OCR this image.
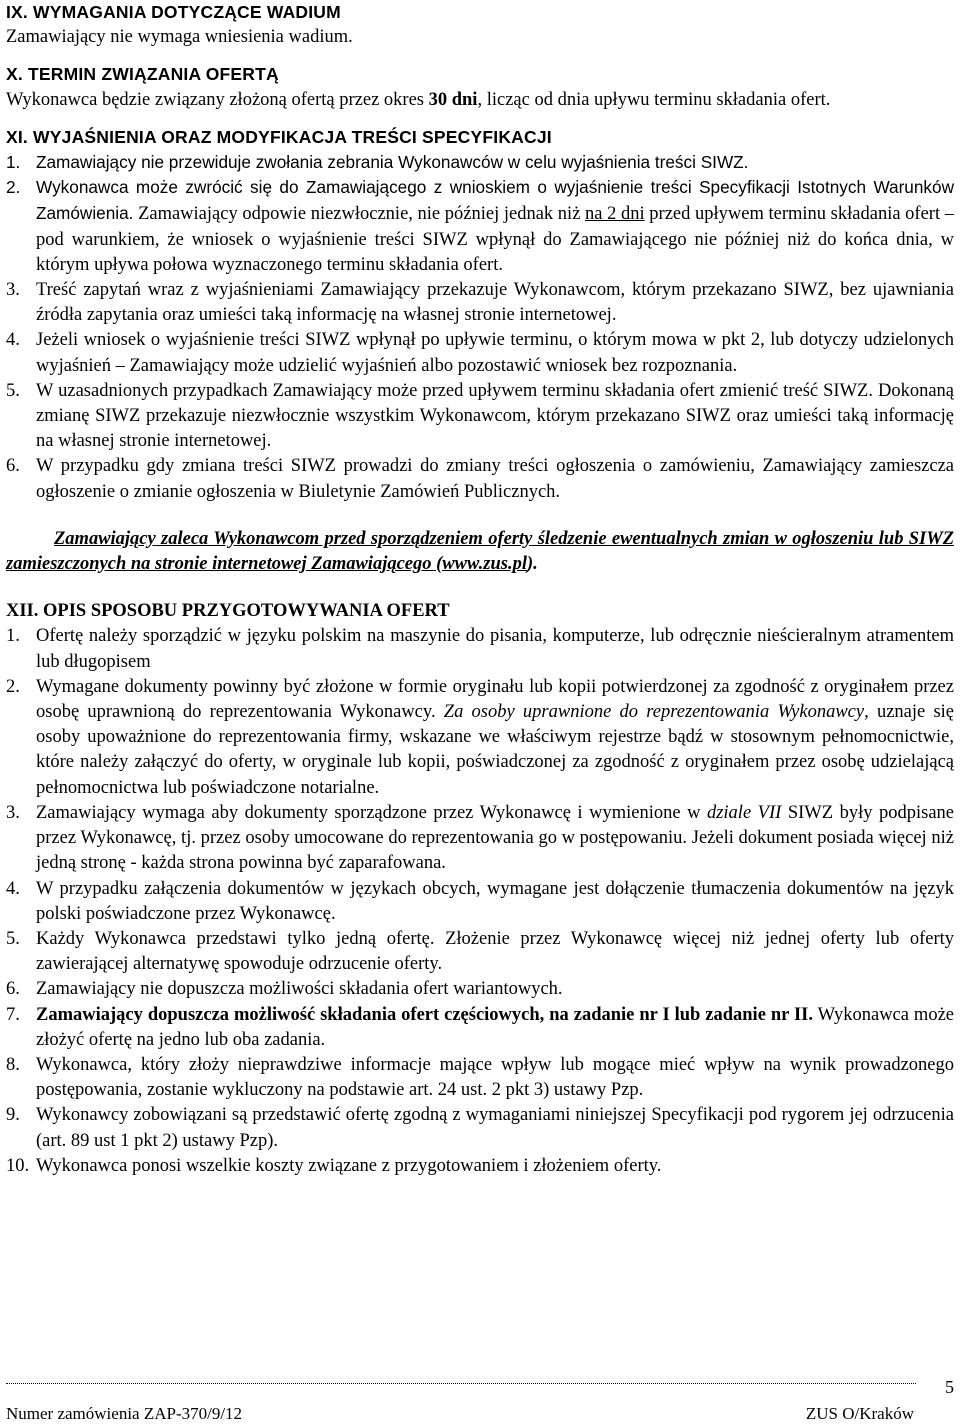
IX. WYMAGANIA DOTYCZĄCE WADIUM
Zamawiający nie wymaga wniesienia wadium.
X. TERMIN ZWIĄZANIA OFERTĄ
Wykonawca będzie związany złożoną ofertą przez okres 30 dni, licząc od dnia upływu terminu składania ofert.
XI. WYJAŚNIENIA ORAZ MODYFIKACJA TREŚCI SPECYFIKACJI
1. Zamawiający nie przewiduje zwołania zebrania Wykonawców w celu wyjaśnienia treści SIWZ.
2. Wykonawca może zwrócić się do Zamawiającego z wnioskiem o wyjaśnienie treści Specyfikacji Istotnych Warunków Zamówienia. Zamawiający odpowie niezwłocznie, nie później jednak niż na 2 dni przed upływem terminu składania ofert – pod warunkiem, że wniosek o wyjaśnienie treści SIWZ wpłynął do Zamawiającego nie później niż do końca dnia, w którym upływa połowa wyznaczonego terminu składania ofert.
3. Treść zapytań wraz z wyjaśnieniami Zamawiający przekazuje Wykonawcom, którym przekazano SIWZ, bez ujawniania źródła zapytania oraz umieści taką informację na własnej stronie internetowej.
4. Jeżeli wniosek o wyjaśnienie treści SIWZ wpłynął po upływie terminu, o którym mowa w pkt 2, lub dotyczy udzielonych wyjaśnień – Zamawiający może udzielić wyjaśnień albo pozostawić wniosek bez rozpoznania.
5. W uzasadnionych przypadkach Zamawiający może przed upływem terminu składania ofert zmienić treść SIWZ. Dokonaną zmianę SIWZ przekazuje niezwłocznie wszystkim Wykonawcom, którym przekazano SIWZ oraz umieści taką informację na własnej stronie internetowej.
6. W przypadku gdy zmiana treści SIWZ prowadzi do zmiany treści ogłoszenia o zamówieniu, Zamawiający zamieszcza ogłoszenie o zmianie ogłoszenia w Biuletynie Zamówień Publicznych.
Zamawiający zaleca Wykonawcom przed sporządzeniem oferty śledzenie ewentualnych zmian w ogłoszeniu lub SIWZ zamieszczonych na stronie internetowej Zamawiającego (www.zus.pl).
XII. OPIS SPOSOBU PRZYGOTOWYWANIA OFERT
1. Ofertę należy sporządzić w języku polskim na maszynie do pisania, komputerze, lub odręcznie nieścieralnym atramentem lub długopisem
2. Wymagane dokumenty powinny być złożone w formie oryginału lub kopii potwierdzonej za zgodność z oryginałem przez osobę uprawnioną do reprezentowania Wykonawcy. Za osoby uprawnione do reprezentowania Wykonawcy, uznaje się osoby upoważnione do reprezentowania firmy, wskazane we właściwym rejestrze bądź w stosownym pełnomocnictwie, które należy załączyć do oferty, w oryginale lub kopii, poświadczonej za zgodność z oryginałem przez osobę udzielającą pełnomocnictwa lub poświadczone notarialne.
3. Zamawiający wymaga aby dokumenty sporządzone przez Wykonawcę i wymienione w dziale VII SIWZ były podpisane przez Wykonawcę, tj. przez osoby umocowane do reprezentowania go w postępowaniu. Jeżeli dokument posiada więcej niż jedną stronę - każda strona powinna być zaparafowana.
4. W przypadku załączenia dokumentów w językach obcych, wymagane jest dołączenie tłumaczenia dokumentów na język polski poświadczone przez Wykonawcę.
5. Każdy Wykonawca przedstawi tylko jedną ofertę. Złożenie przez Wykonawcę więcej niż jednej oferty lub oferty zawierającej alternatywę spowoduje odrzucenie oferty.
6. Zamawiający nie dopuszcza możliwości składania ofert wariantowych.
7. Zamawiający dopuszcza możliwość składania ofert częściowych, na zadanie nr I lub zadanie nr II. Wykonawca może złożyć ofertę na jedno lub oba zadania.
8. Wykonawca, który złoży nieprawdziwe informacje mające wpływ lub mogące mieć wpływ na wynik prowadzonego postępowania, zostanie wykluczony na podstawie art. 24 ust. 2 pkt 3) ustawy Pzp.
9. Wykonawcy zobowiązani są przedstawić ofertę zgodną z wymaganiami niniejszej Specyfikacji pod rygorem jej odrzucenia (art. 89 ust 1 pkt 2) ustawy Pzp).
10. Wykonawca ponosi wszelkie koszty związane z przygotowaniem i złożeniem oferty.
5
Numer zamówienia ZAP-370/9/12	ZUS O/Kraków
